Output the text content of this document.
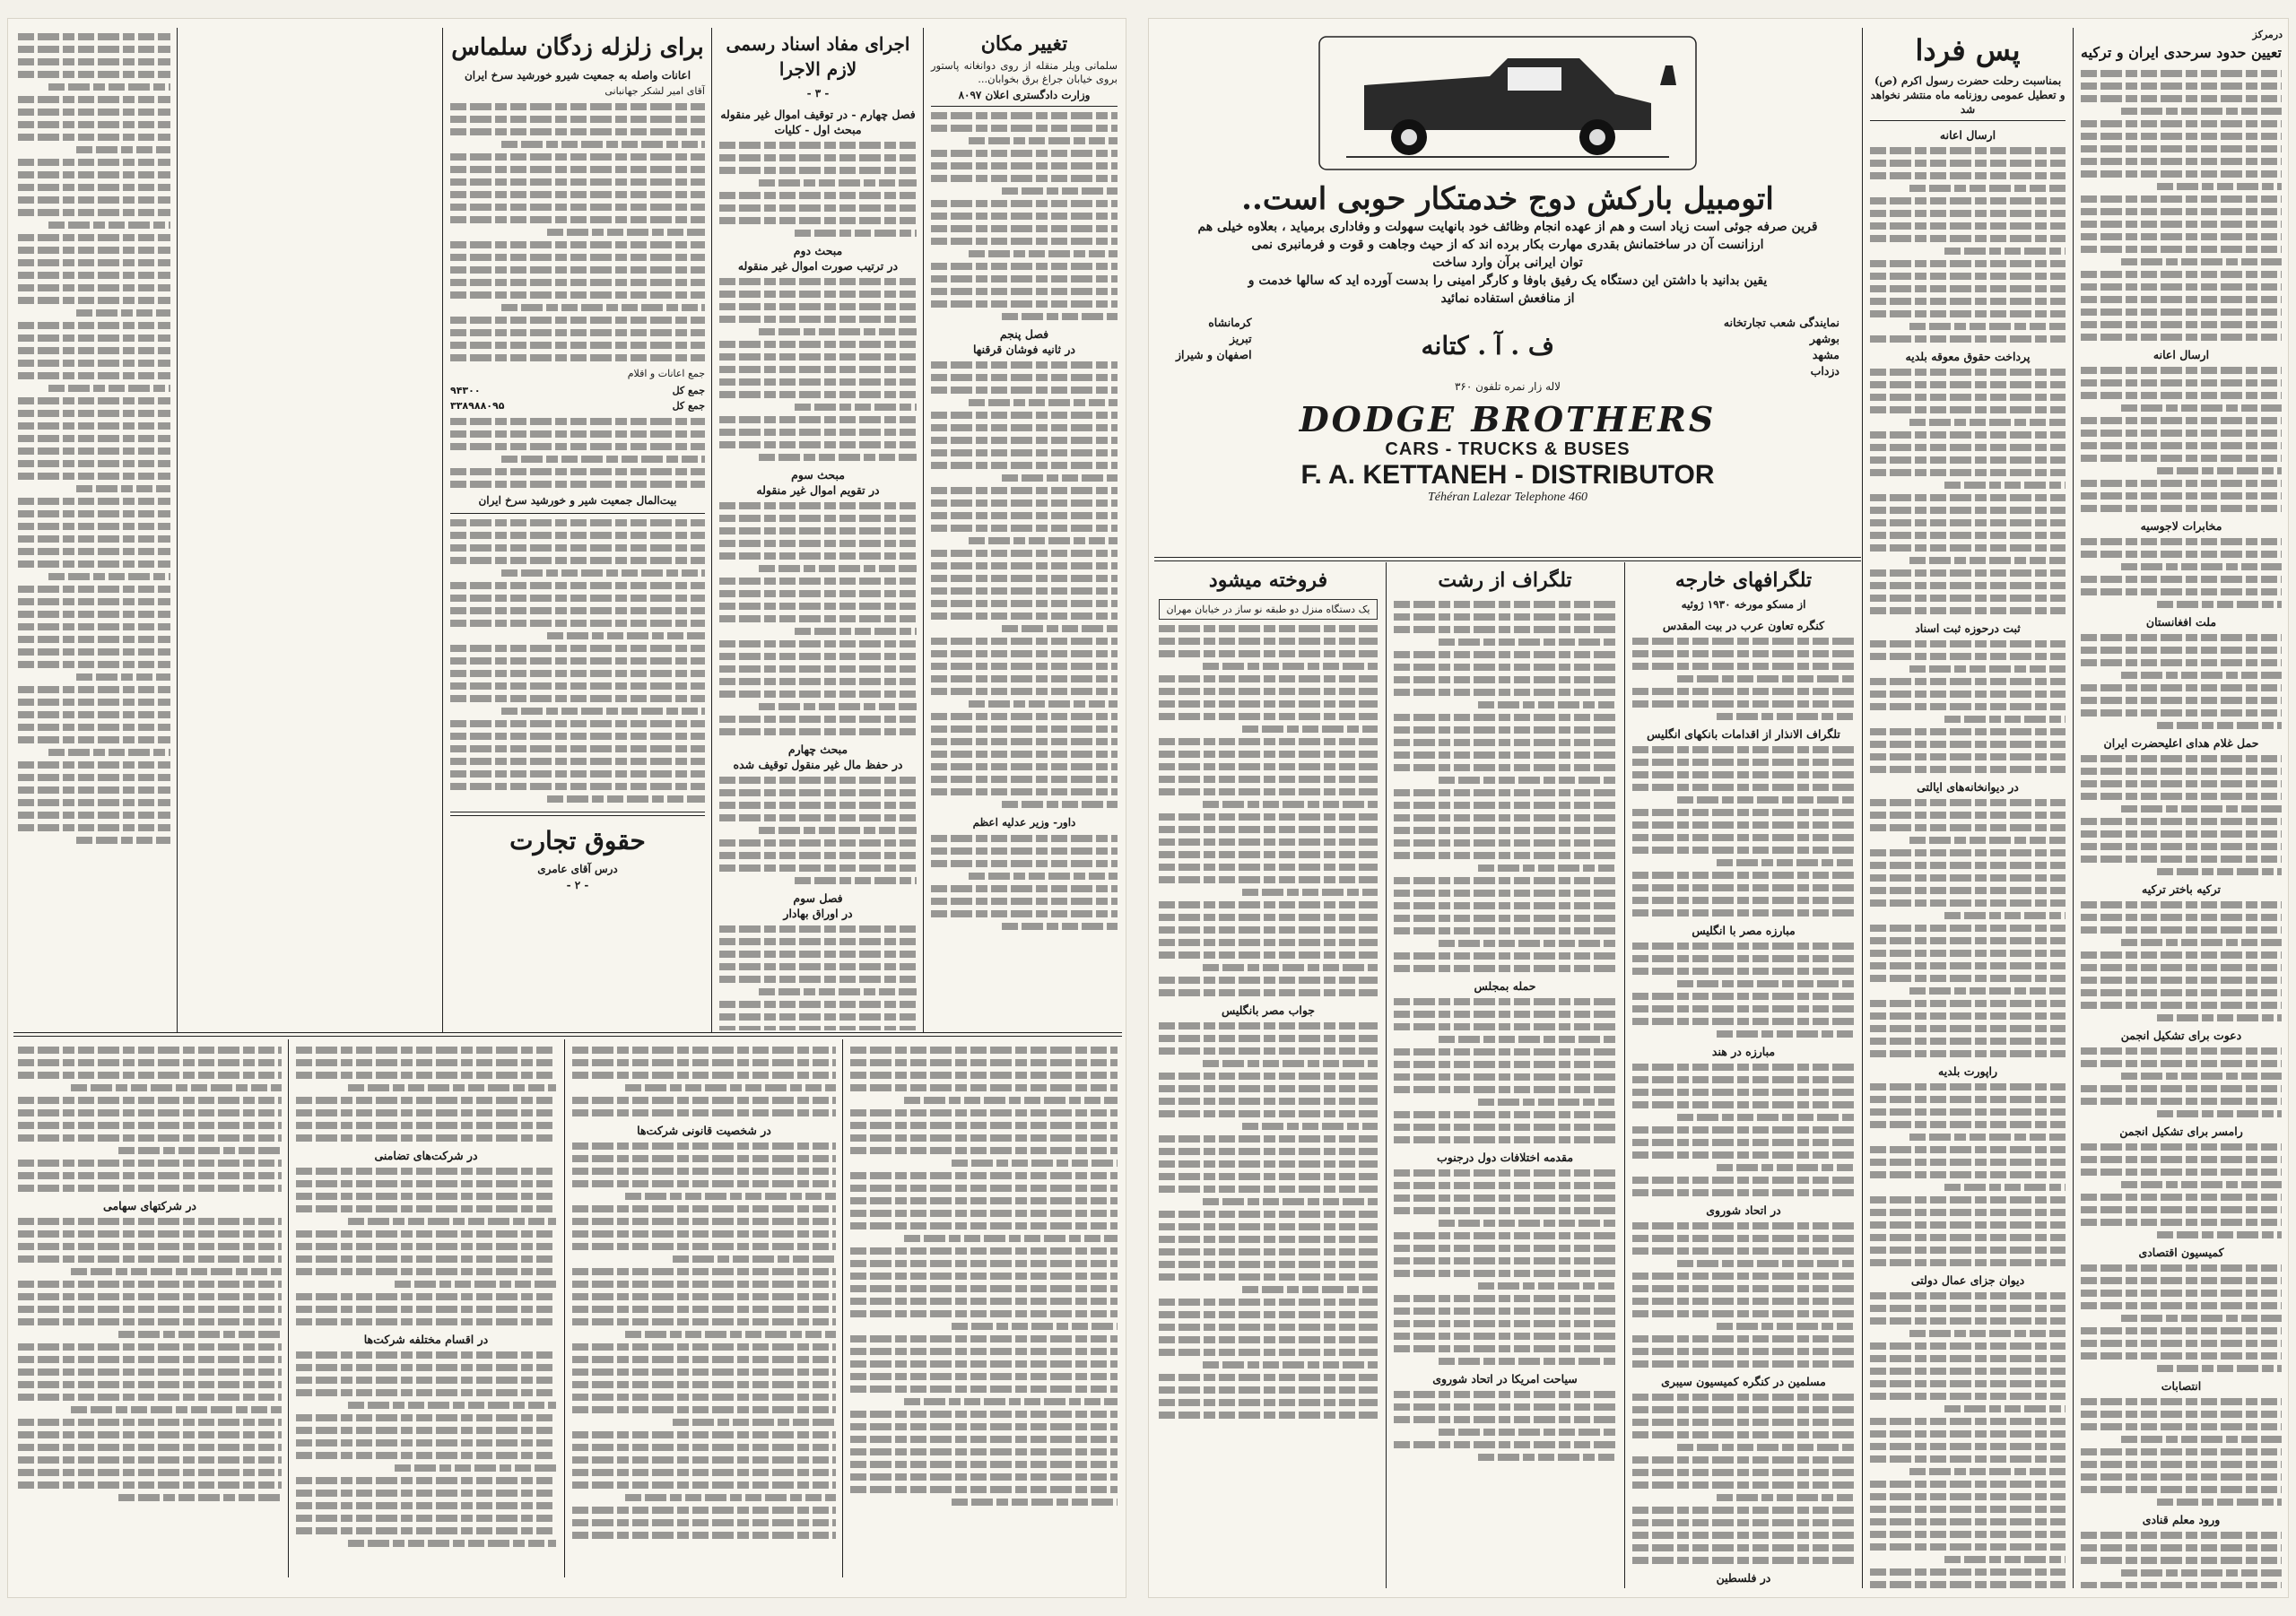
تغییر مکان
سلمانی ویلر منقله از روی دوانغانه پاستور بروی خیابان جراغ برق بخوابان...
وزارت دادگستری اعلان ۸۰۹۷
فصل پنجم
در ثانیه فوشان قرقنها
داور- وزیر عدلیه اعظم
اجرای مفاد اسناد رسمی لازم الاجرا
- ٣ -
فصل چهارم - در توقیف اموال غیر منقوله
مبحث اول - کلیات
مبحث دوم
در ترتیب صورت اموال غیر منقوله
مبحث سوم
در تقویم اموال غیر منقوله
مبحث چهارم
در حفظ مال غیر منقول توقیف شده
فصل سوم
در اوراق بهادار
برای زلزله زدگان سلماس
اعانات واصله به جمعیت شیرو خورشید سرخ ایران
آقای امیر لشکر جهانبانی
جمع اعانات و اقلام
جمع کل
۹۴۳۰۰
جمع کل
۳۳۸۹۸۸۰۹۵
بیت‌المال جمعیت شیر و خورشید سرخ ایران
حقوق تجارت
درس آقای عامری
- ۲ -
در شخصیت قانونی شرکت‌ها
در شرکت‌های تضامنی
در اقسام مختلفه شرکت‌ها
در شرکتهای سهامی
درمرکز
تعیین حدود سرحدی ایران و ترکیه
ارسال اعانه
مخابرات لاجوسیه
ملت افغانستان
حمل غلام هدای اعلیحضرت ایران
ترکیه باختر ترکیه
دعوت برای تشکیل انجمن
رامسر برای تشکیل انجمن
کمیسیون اقتصادی
انتصابات
ورود معلم قنادی
پس فردا
بمناسبت رحلت حضرت رسول اکرم (ص) و تعطیل عمومی روزنامه ماه منتشر نخواهد شد
ارسال اعانه
پرداخت حقوق معوقه بلدیه
ثبت درحوزه ثبت اسناد
در دیوانخانه‌های ایالتی
راپورت بلدیه
دیوان جزای عمال دولتی
اتومبیل بارکش دوج خدمتکار حوبی است..
قرین صرفه جوئی است زیاد است و هم از عهده انجام وظائف خود بانهایت سهولت و وفاداری برمیاید ، بعلاوه خیلی هم
ارزانست آن در ساختمانش بقدری مهارت بکار برده اند که از حیث وجاهت و قوت و فرمانبری نمی
توان ایرانی برآن وارد ساخت
یقین بدانید با داشتن این دستگاه یک رفیق باوفا و کارگر امینی را بدست آورده اید که سالها خدمت و
از منافعش استفاده نمائید
نمایندگی شعب تجارتخانه
بوشهر
مشهد
دزداب
ف . آ . کتانه
کرمانشاه
تبریز
اصفهان و شیراز
لاله زار نمره تلفون ۳۶۰
DODGE BROTHERS
CARS - TRUCKS & BUSES
F. A. KETTANEH - DISTRIBUTOR
Téhéran Lalezar Telephone 460
تلگرافهای خارجه
از مسکو مورخه ۱۹۳۰ ژوئیه
کنگره تعاون عرب در بیت المقدس
تلگراف الانذار از اقدامات بانکهای انگلیس
مبارزه مصر با انگلیس
مبارزه در هند
در اتحاد شوروی
مسلمین در کنگره کمیسیون سیبری
در فلسطین
تلگراف از رشت
حمله بمجلس
مقدمه اختلافات دول درجنوب
سیاحت امریکا در اتحاد شوروی
فروخته میشود
یک دستگاه منزل دو طبقه نو ساز در خیابان مهران
جواب مصر بانگلیس
